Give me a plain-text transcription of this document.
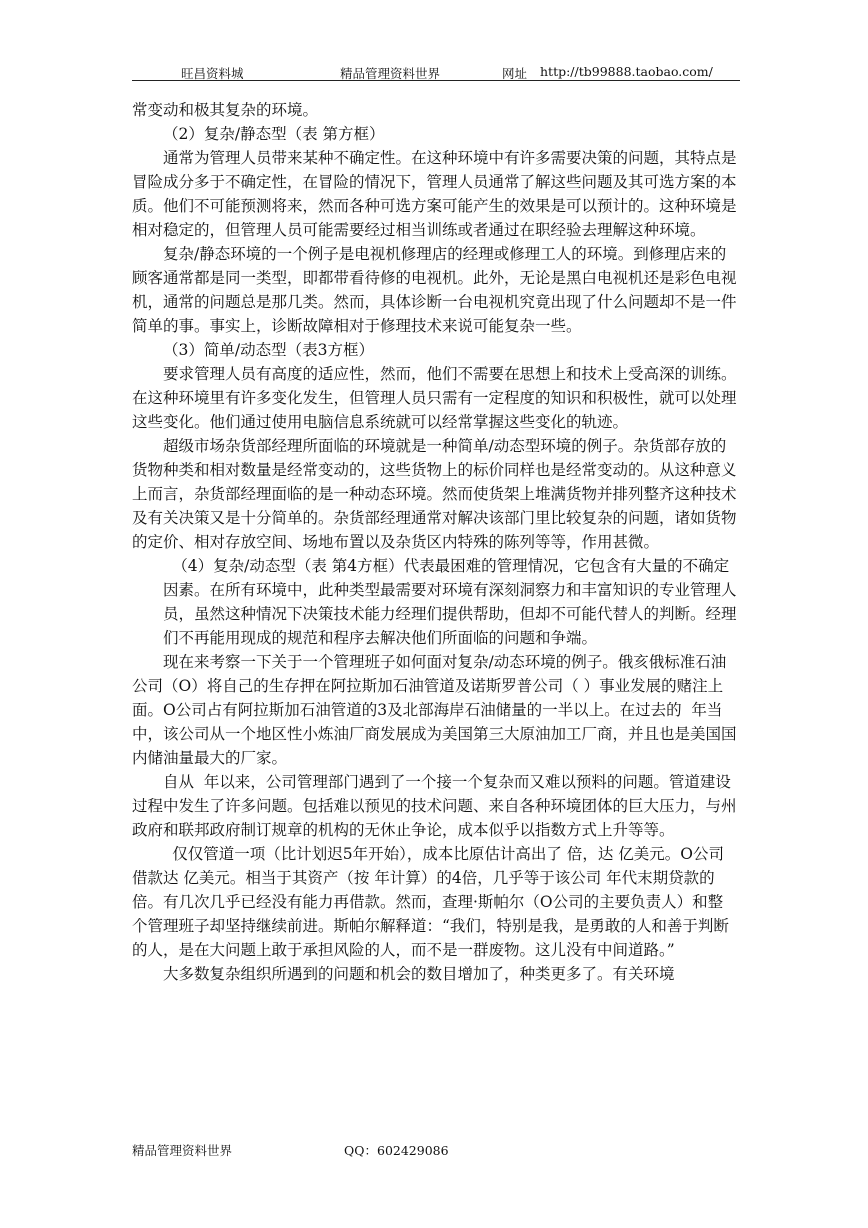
旺昌资料城	精品管理资料世界	网址 http://tb99888.taobao.com/

常变动和极其复杂的环境。

（2）复杂/静态型（表 第方框）

通常为管理人员带来某种不确定性。在这种环境中有许多需要决策的问题，其特点是冒险成分多于不确定性，在冒险的情况下，管理人员通常了解这些问题及其可选方案的本质。他们不可能预测将来，然而各种可选方案可能产生的效果是可以预计的。这种环境是相对稳定的，但管理人员可能需要经过相当训练或者通过在职经验去理解这种环境。

复杂/静态环境的一个例子是电视机修理店的经理或修理工人的环境。到修理店来的顾客通常都是同一类型，即都带看待修的电视机。此外，无论是黑白电视机还是彩色电视机，通常的问题总是那几类。然而，具体诊断一台电视机究竟出现了什么问题却不是一件简单的事。事实上，诊断故障相对于修理技术来说可能复杂一些。

（3）简单/动态型（表3方框）

要求管理人员有高度的适应性，然而，他们不需要在思想上和技术上受高深的训练。在这种环境里有许多变化发生，但管理人员只需有一定程度的知识和积极性，就可以处理这些变化。他们通过使用电脑信息系统就可以经常掌握这些变化的轨迹。

超级市场杂货部经理所面临的环境就是一种简单/动态型环境的例子。杂货部存放的货物种类和相对数量是经常变动的，这些货物上的标价同样也是经常变动的。从这种意义上而言，杂货部经理面临的是一种动态环境。然而使货架上堆满货物并排列整齐这种技术及有关决策又是十分简单的。杂货部经理通常对解决该部门里比较复杂的问题，诸如货物的定价、相对存放空间、场地布置以及杂货区内特殊的陈列等等，作用甚微。

（4）复杂/动态型（表 第4方框）代表最困难的管理情况，它包含有大量的不确定因素。在所有环境中，此种类型最需要对环境有深刻洞察力和丰富知识的专业管理人员，虽然这种情况下决策技术能力经理们提供帮助，但却不可能代替人的判断。经理们不再能用现成的规范和程序去解决他们所面临的问题和争端。

现在来考察一下关于一个管理班子如何面对复杂/动态环境的例子。俄亥俄标准石油公司（O）将自己的生存押在阿拉斯加石油管道及诺斯罗普公司（ ）事业发展的赌注上面。O公司占有阿拉斯加石油管道的3及北部海岸石油储量的一半以上。在过去的  年当中，该公司从一个地区性小炼油厂商发展成为美国第三大原油加工厂商，并且也是美国国内储油量最大的厂家。

自从  年以来，公司管理部门遇到了一个接一个复杂而又难以预料的问题。管道建设过程中发生了许多问题。包括难以预见的技术问题、来自各种环境团体的巨大压力，与州政府和联邦政府制订规章的机构的无休止争论，成本似乎以指数方式上升等等。

仅仅管道一项（比计划迟5年开始），成本比原估计高出了 倍，达 亿美元。O公司借款达 亿美元。相当于其资产（按 年计算）的4倍，几乎等于该公司 年代末期贷款的 倍。有几次几乎已经没有能力再借款。然而，查理·斯帕尔（O公司的主要负责人）和整个管理班子却坚持继续前进。斯帕尔解释道：“我们，特别是我，是勇敢的人和善于判断的人，是在大问题上敢于承担风险的人，而不是一群废物。这儿没有中间道路。”

大多数复杂组织所遇到的问题和机会的数目增加了，种类更多了。有关环境

精品管理资料世界	QQ：602429086
